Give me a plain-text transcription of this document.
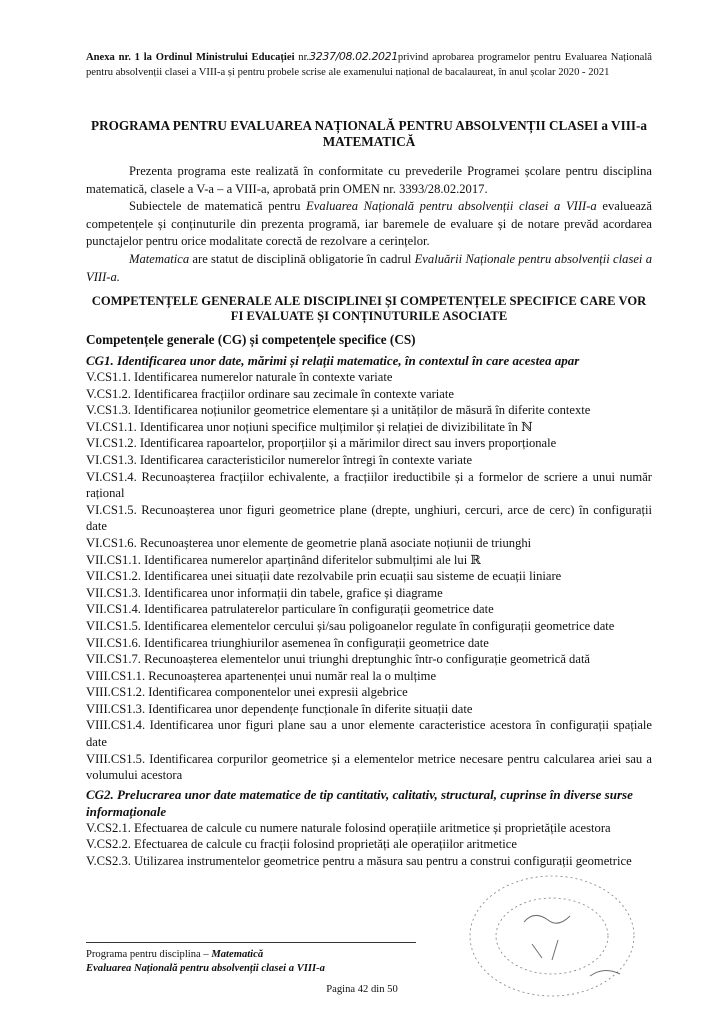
Anexa nr. 1 la Ordinul Ministrului Educației nr.3237/08.02.2021privind aprobarea programelor pentru Evaluarea Națională pentru absolvenții clasei a VIII-a și pentru probele scrise ale examenului național de bacalaureat, în anul școlar 2020 - 2021
PROGRAMA PENTRU EVALUAREA NAȚIONALĂ PENTRU ABSOLVENȚII CLASEI a VIII-a
MATEMATICĂ

Prezenta programa este realizată în conformitate cu prevederile Programei școlare pentru disciplina matematică, clasele a V-a – a VIII-a, aprobată prin OMEN nr. 3393/28.02.2017.

Subiectele de matematică pentru Evaluarea Națională pentru absolvenții clasei a VIII-a evaluează competențele și conținuturile din prezenta programă, iar baremele de evaluare și de notare prevăd acordarea punctajelor pentru orice modalitate corectă de rezolvare a cerințelor.

Matematica are statut de disciplină obligatorie în cadrul Evaluării Naționale pentru absolvenții clasei a VIII-a.

COMPETENȚELE GENERALE ALE DISCIPLINEI ȘI COMPETENȚELE SPECIFICE CARE VOR FI EVALUATE ȘI CONȚINUTURILE ASOCIATE
Competențele generale (CG) și competențele specifice (CS)
CG1. Identificarea unor date, mărimi și relații matematice, în contextul în care acestea apar
V.CS1.1. Identificarea numerelor naturale în contexte variate
V.CS1.2. Identificarea fracțiilor ordinare sau zecimale în contexte variate
V.CS1.3. Identificarea noțiunilor geometrice elementare și a unităților de măsură în diferite contexte
VI.CS1.1. Identificarea unor noțiuni specifice mulțimilor și relației de divizibilitate în ℕ
VI.CS1.2. Identificarea rapoartelor, proporțiilor și a mărimilor direct sau invers proporționale
VI.CS1.3. Identificarea caracteristicilor numerelor întregi în contexte variate
VI.CS1.4. Recunoașterea fracțiilor echivalente, a fracțiilor ireductibile și a formelor de scriere a unui număr rațional
VI.CS1.5. Recunoașterea unor figuri geometrice plane (drepte, unghiuri, cercuri, arce de cerc) în configurații date
VI.CS1.6. Recunoașterea unor elemente de geometrie plană asociate noțiunii de triunghi
VII.CS1.1. Identificarea numerelor aparținând diferitelor submulțimi ale lui ℝ
VII.CS1.2. Identificarea unei situații date rezolvabile prin ecuații sau sisteme de ecuații liniare
VII.CS1.3. Identificarea unor informații din tabele, grafice și diagrame
VII.CS1.4. Identificarea patrulaterelor particulare în configurații geometrice date
VII.CS1.5. Identificarea elementelor cercului și/sau poligoanelor regulate în configurații geometrice date
VII.CS1.6. Identificarea triunghiurilor asemenea în configurații geometrice date
VII.CS1.7. Recunoașterea elementelor unui triunghi dreptunghic într-o configurație geometrică dată
VIII.CS1.1. Recunoașterea apartenenței unui număr real la o mulțime
VIII.CS1.2. Identificarea componentelor unei expresii algebrice
VIII.CS1.3. Identificarea unor dependențe funcționale în diferite situații date
VIII.CS1.4. Identificarea unor figuri plane sau a unor elemente caracteristice acestora în configurații spațiale date
VIII.CS1.5. Identificarea corpurilor geometrice și a elementelor metrice necesare pentru calcularea ariei sau a volumului acestora
CG2. Prelucrarea unor date matematice de tip cantitativ, calitativ, structural, cuprinse în diverse surse informaționale
V.CS2.1. Efectuarea de calcule cu numere naturale folosind operațiile aritmetice și proprietățile acestora
V.CS2.2. Efectuarea de calcule cu fracții folosind proprietăți ale operațiilor aritmetice
V.CS2.3. Utilizarea instrumentelor geometrice pentru a măsura sau pentru a construi configurații geometrice
Programa pentru disciplina – Matematică
Evaluarea Națională pentru absolvenții clasei a VIII-a
Pagina 42 din 50
